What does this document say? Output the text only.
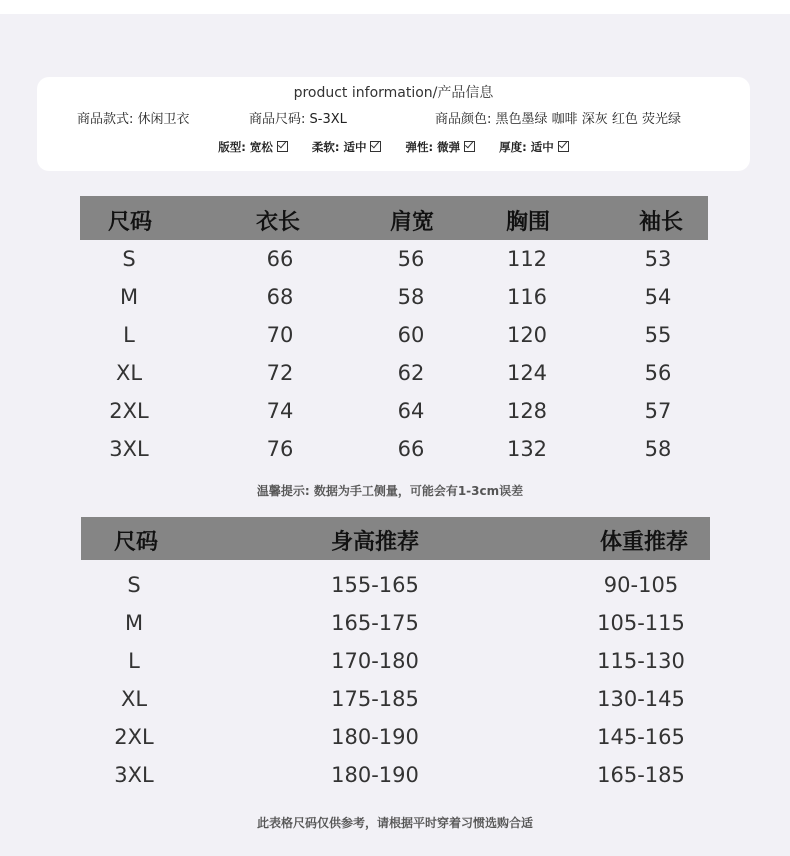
product information/产品信息
商品款式: 休闲卫衣	商品尺码: S-3XL	商品颜色: 黑色墨绿 咖啡 深灰 红色 荧光绿
版型: 宽松	柔软: 适中	弹性: 微弹	厚度: 适中
尺码	衣长	肩宽	胸围	袖长
S	66	56	112	53
M	68	58	116	54
L	70	60	120	55
XL	72	62	124	56
2XL	74	64	128	57
3XL	76	66	132	58
温馨提示: 数据为手工侧量，可能会有1-3cm误差
尺码	身高推荐	体重推荐
S	155-165	90-105
M	165-175	105-115
L	170-180	115-130
XL	175-185	130-145
2XL	180-190	145-165
3XL	180-190	165-185
此表格尺码仅供参考，请根据平时穿着习惯选购合适
